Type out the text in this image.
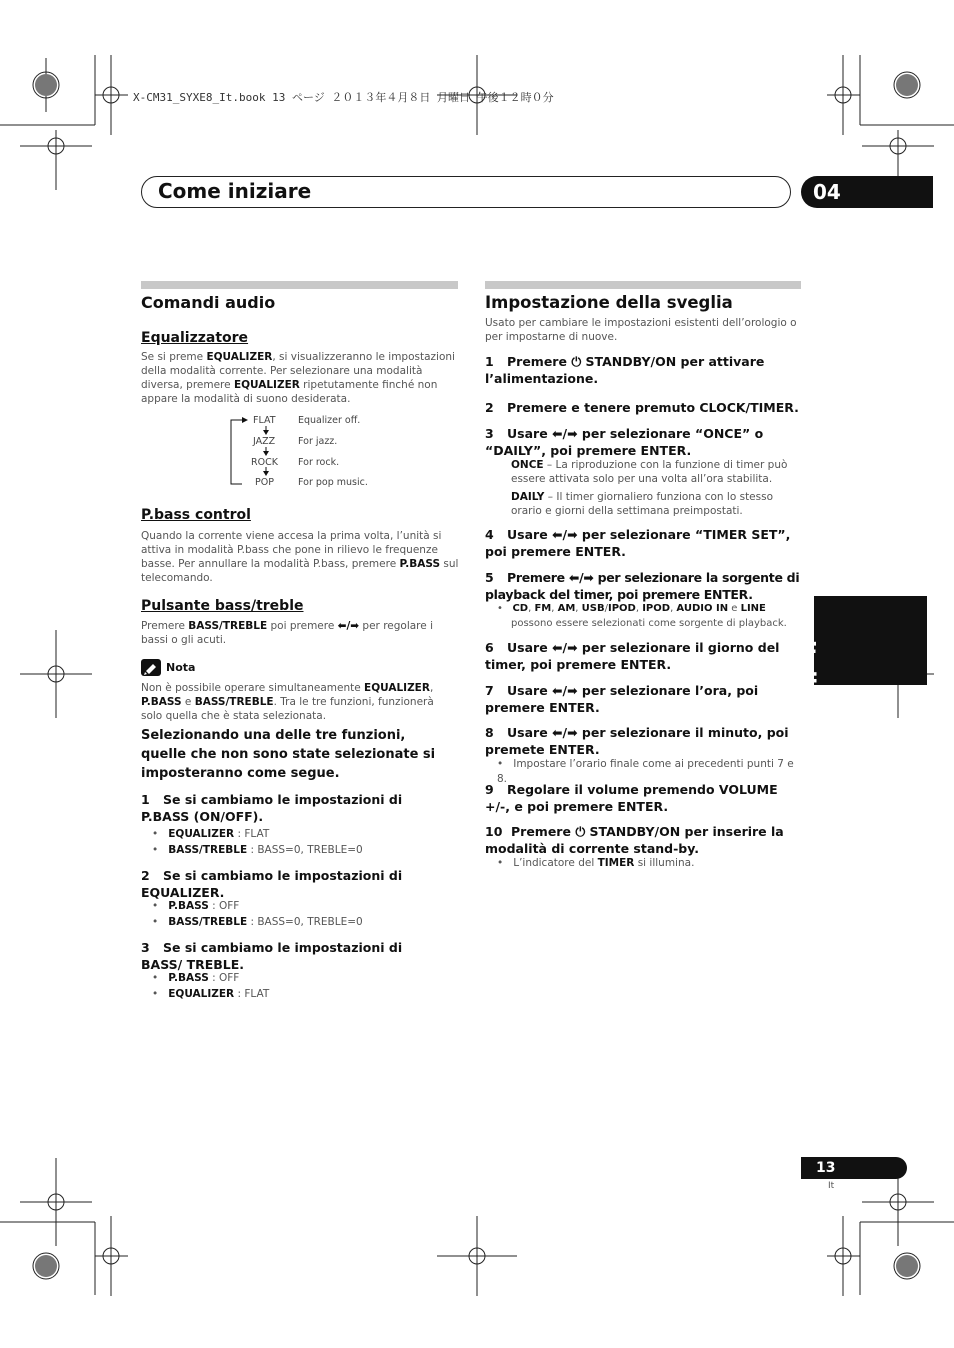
X-CM31_SYXE8_It.book 13 ページ ２０１３年４月８日 月曜日 午後１２時０分
Come iniziare	04
Italiano
Comandi audio
Equalizzatore
Se si preme EQUALIZER, si visualizzeranno le impostazioni della modalità corrente. Per selezionare una modalità diversa, premere EQUALIZER ripetutamente finché non appare la modalità di suono desiderata.
FLAT
JAZZ
ROCK
POP
Equalizer off.
For jazz.
For rock.
For pop music.
P.bass control
Quando la corrente viene accesa la prima volta, l’unità si attiva in modalità P.bass che pone in rilievo le frequenze basse. Per annullare la modalità P.bass, premere P.BASS sul telecomando.
Pulsante bass/treble
Premere BASS/TREBLE poi premere ⬅/➡ per regolare i bassi o gli acuti.
Nota
Non è possibile operare simultaneamente EQUALIZER, P.BASS e BASS/TREBLE. Tra le tre funzioni, funzionerà solo quella che è stata selezionata.
Selezionando una delle tre funzioni, quelle che non sono state selezionate si imposteranno come segue.
1 Se si cambiamo le impostazioni di P.BASS (ON/OFF).
•   EQUALIZER : FLAT
•   BASS/TREBLE : BASS=0, TREBLE=0
2 Se si cambiamo le impostazioni di EQUALIZER.
•   P.BASS : OFF
•   BASS/TREBLE : BASS=0, TREBLE=0
3 Se si cambiamo le impostazioni di BASS/ TREBLE.
•   P.BASS : OFF
•   EQUALIZER : FLAT
Impostazione della sveglia
Usato per cambiare le impostazioni esistenti dell’orologio o per impostarne di nuove.
1 Premere ⏻ STANDBY/ON per attivare l’alimentazione.
2 Premere e tenere premuto CLOCK/TIMER.
3 Usare ⬅/➡ per selezionare “ONCE” o “DAILY”, poi premere ENTER.
ONCE – La riproduzione con la funzione di timer può essere attivata solo per una volta all’ora stabilita.
DAILY – Il timer giornaliero funziona con lo stesso orario e giorni della settimana preimpostati.
4 Usare ⬅/➡ per selezionare “TIMER SET”, poi premere ENTER.
5 Premere ⬅/➡ per selezionare la sorgente di playback del timer, poi premere ENTER.
•   CD, FM, AM, USB/IPOD, IPOD, AUDIO IN e LINE
possono essere selezionati come sorgente di playback.
6 Usare ⬅/➡ per selezionare il giorno del timer, poi premere ENTER.
7 Usare ⬅/➡ per selezionare l’ora, poi premere ENTER.
8 Usare ⬅/➡ per selezionare il minuto, poi premete ENTER.
•   Impostare l’orario finale come ai precedenti punti 7 e 8.
9 Regolare il volume premendo VOLUME +/-, e poi premere ENTER.
10 Premere ⏻ STANDBY/ON per inserire la modalità di corrente stand-by.
•   L’indicatore del TIMER si illumina.
13
It
